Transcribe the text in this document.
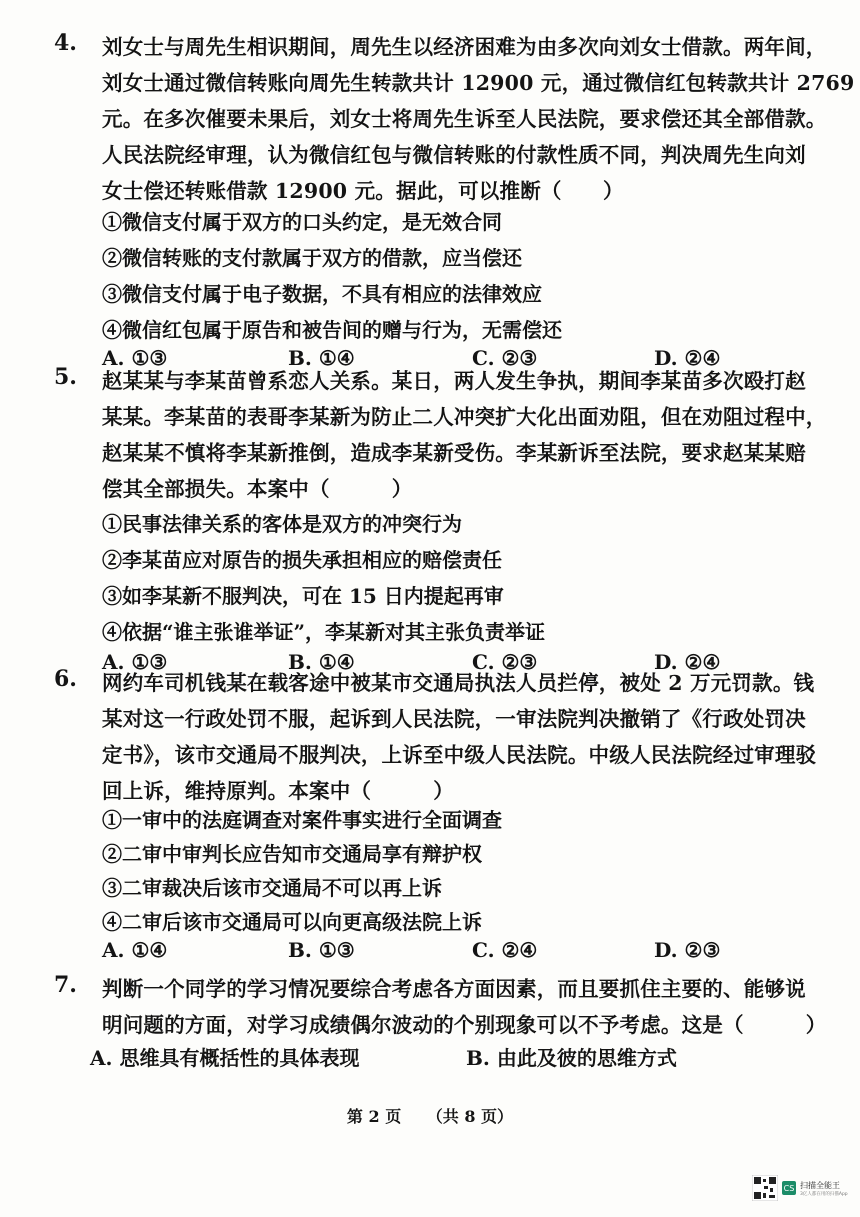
4. 刘女士与周先生相识期间，周先生以经济困难为由多次向刘女士借款。两年间，
刘女士通过微信转账向周先生转款共计 12900 元，通过微信红包转款共计 2769
元。在多次催要未果后，刘女士将周先生诉至人民法院，要求偿还其全部借款。
人民法院经审理，认为微信红包与微信转账的付款性质不同，判决周先生向刘
女士偿还转账借款 12900 元。据此，可以推断（　　）
①微信支付属于双方的口头约定，是无效合同
②微信转账的支付款属于双方的借款，应当偿还
③微信支付属于电子数据，不具有相应的法律效应
④微信红包属于原告和被告间的赠与行为，无需偿还
A. ①③	B. ①④	C. ②③	D. ②④
5. 赵某某与李某苗曾系恋人关系。某日，两人发生争执，期间李某苗多次殴打赵
某某。李某苗的表哥李某新为防止二人冲突扩大化出面劝阻，但在劝阻过程中，
赵某某不慎将李某新推倒，造成李某新受伤。李某新诉至法院，要求赵某某赔
偿其全部损失。本案中（　　　）
①民事法律关系的客体是双方的冲突行为
②李某苗应对原告的损失承担相应的赔偿责任
③如李某新不服判决，可在 15 日内提起再审
④依据“谁主张谁举证”，李某新对其主张负责举证
A. ①③	B. ①④	C. ②③	D. ②④
6. 网约车司机钱某在载客途中被某市交通局执法人员拦停，被处 2 万元罚款。钱
某对这一行政处罚不服，起诉到人民法院，一审法院判决撤销了《行政处罚决
定书》，该市交通局不服判决，上诉至中级人民法院。中级人民法院经过审理驳
回上诉，维持原判。本案中（　　　）
①一审中的法庭调查对案件事实进行全面调查
②二审中审判长应告知市交通局享有辩护权
③二审裁决后该市交通局不可以再上诉
④二审后该市交通局可以向更高级法院上诉
A. ①④	B. ①③	C. ②④	D. ②③
7. 判断一个同学的学习情况要综合考虑各方面因素，而且要抓住主要的、能够说
明问题的方面，对学习成绩偶尔波动的个别现象可以不予考虑。这是（　　　）
A. 思维具有概括性的具体表现	B. 由此及彼的思维方式
第 2 页 （共 8 页）
CS 扫描全能王
3亿人都在用的扫描App
